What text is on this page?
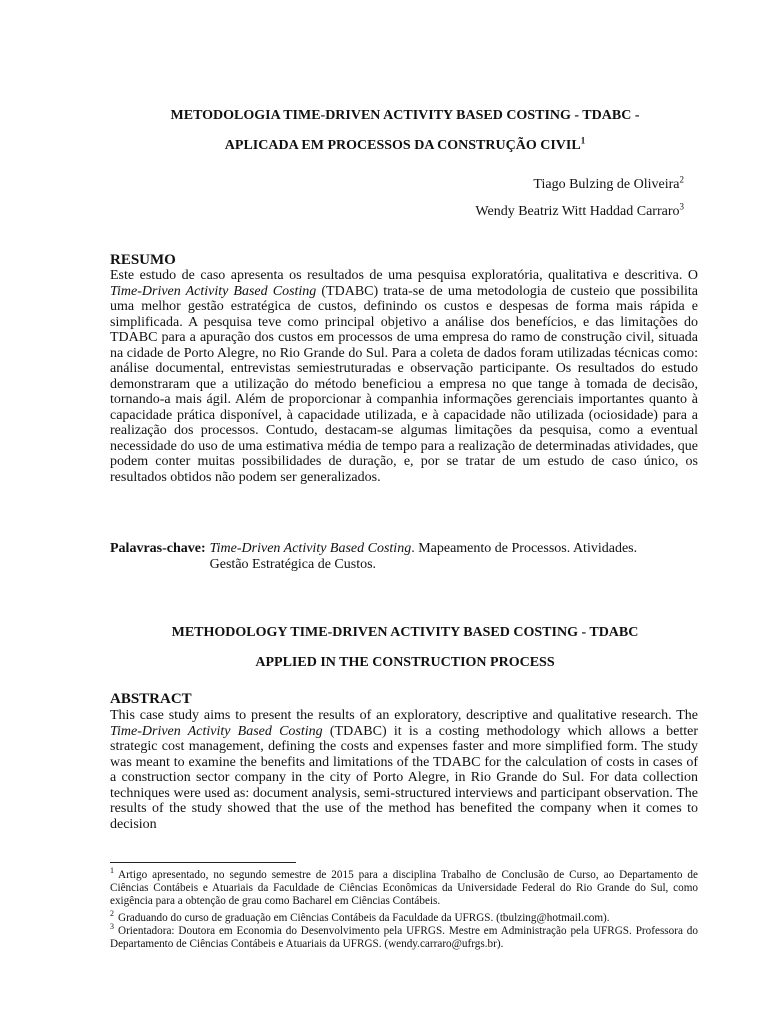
METODOLOGIA TIME-DRIVEN ACTIVITY BASED COSTING - TDABC -
APLICADA EM PROCESSOS DA CONSTRUÇÃO CIVIL$^1$
Tiago Bulzing de Oliveira$^2$
Wendy Beatriz Witt Haddad Carraro$^3$
RESUMO
Este estudo de caso apresenta os resultados de uma pesquisa exploratória, qualitativa e descritiva. O Time-Driven Activity Based Costing (TDABC) trata-se de uma metodologia de custeio que possibilita uma melhor gestão estratégica de custos, definindo os custos e despesas de forma mais rápida e simplificada. A pesquisa teve como principal objetivo a análise dos benefícios, e das limitações do TDABC para a apuração dos custos em processos de uma empresa do ramo de construção civil, situada na cidade de Porto Alegre, no Rio Grande do Sul. Para a coleta de dados foram utilizadas técnicas como: análise documental, entrevistas semiestruturadas e observação participante. Os resultados do estudo demonstraram que a utilização do método beneficiou a empresa no que tange à tomada de decisão, tornando-a mais ágil. Além de proporcionar à companhia informações gerenciais importantes quanto à capacidade prática disponível, à capacidade utilizada, e à capacidade não utilizada (ociosidade) para a realização dos processos. Contudo, destacam-se algumas limitações da pesquisa, como a eventual necessidade do uso de uma estimativa média de tempo para a realização de determinadas atividades, que podem conter muitas possibilidades de duração, e, por se tratar de um estudo de caso único, os resultados obtidos não podem ser generalizados.
Palavras-chave: Time-Driven Activity Based Costing. Mapeamento de Processos. Atividades.
Gestão Estratégica de Custos.
METHODOLOGY TIME-DRIVEN ACTIVITY BASED COSTING - TDABC
APPLIED IN THE CONSTRUCTION PROCESS
ABSTRACT
This case study aims to present the results of an exploratory, descriptive and qualitative research. The Time-Driven Activity Based Costing (TDABC) it is a costing methodology which allows a better strategic cost management, defining the costs and expenses faster and more simplified form. The study was meant to examine the benefits and limitations of the TDABC for the calculation of costs in cases of a construction sector company in the city of Porto Alegre, in Rio Grande do Sul. For data collection techniques were used as: document analysis, semi-structured interviews and participant observation. The results of the study showed that the use of the method has benefited the company when it comes to decision
$^1$ Artigo apresentado, no segundo semestre de 2015 para a disciplina Trabalho de Conclusão de Curso, ao Departamento de Ciências Contábeis e Atuariais da Faculdade de Ciências Econômicas da Universidade Federal do Rio Grande do Sul, como exigência para a obtenção de grau como Bacharel em Ciências Contábeis.
$^2$ Graduando do curso de graduação em Ciências Contábeis da Faculdade da UFRGS. (tbulzing@hotmail.com).
$^3$ Orientadora: Doutora em Economia do Desenvolvimento pela UFRGS. Mestre em Administração pela UFRGS. Professora do Departamento de Ciências Contábeis e Atuariais da UFRGS. (wendy.carraro@ufrgs.br).
